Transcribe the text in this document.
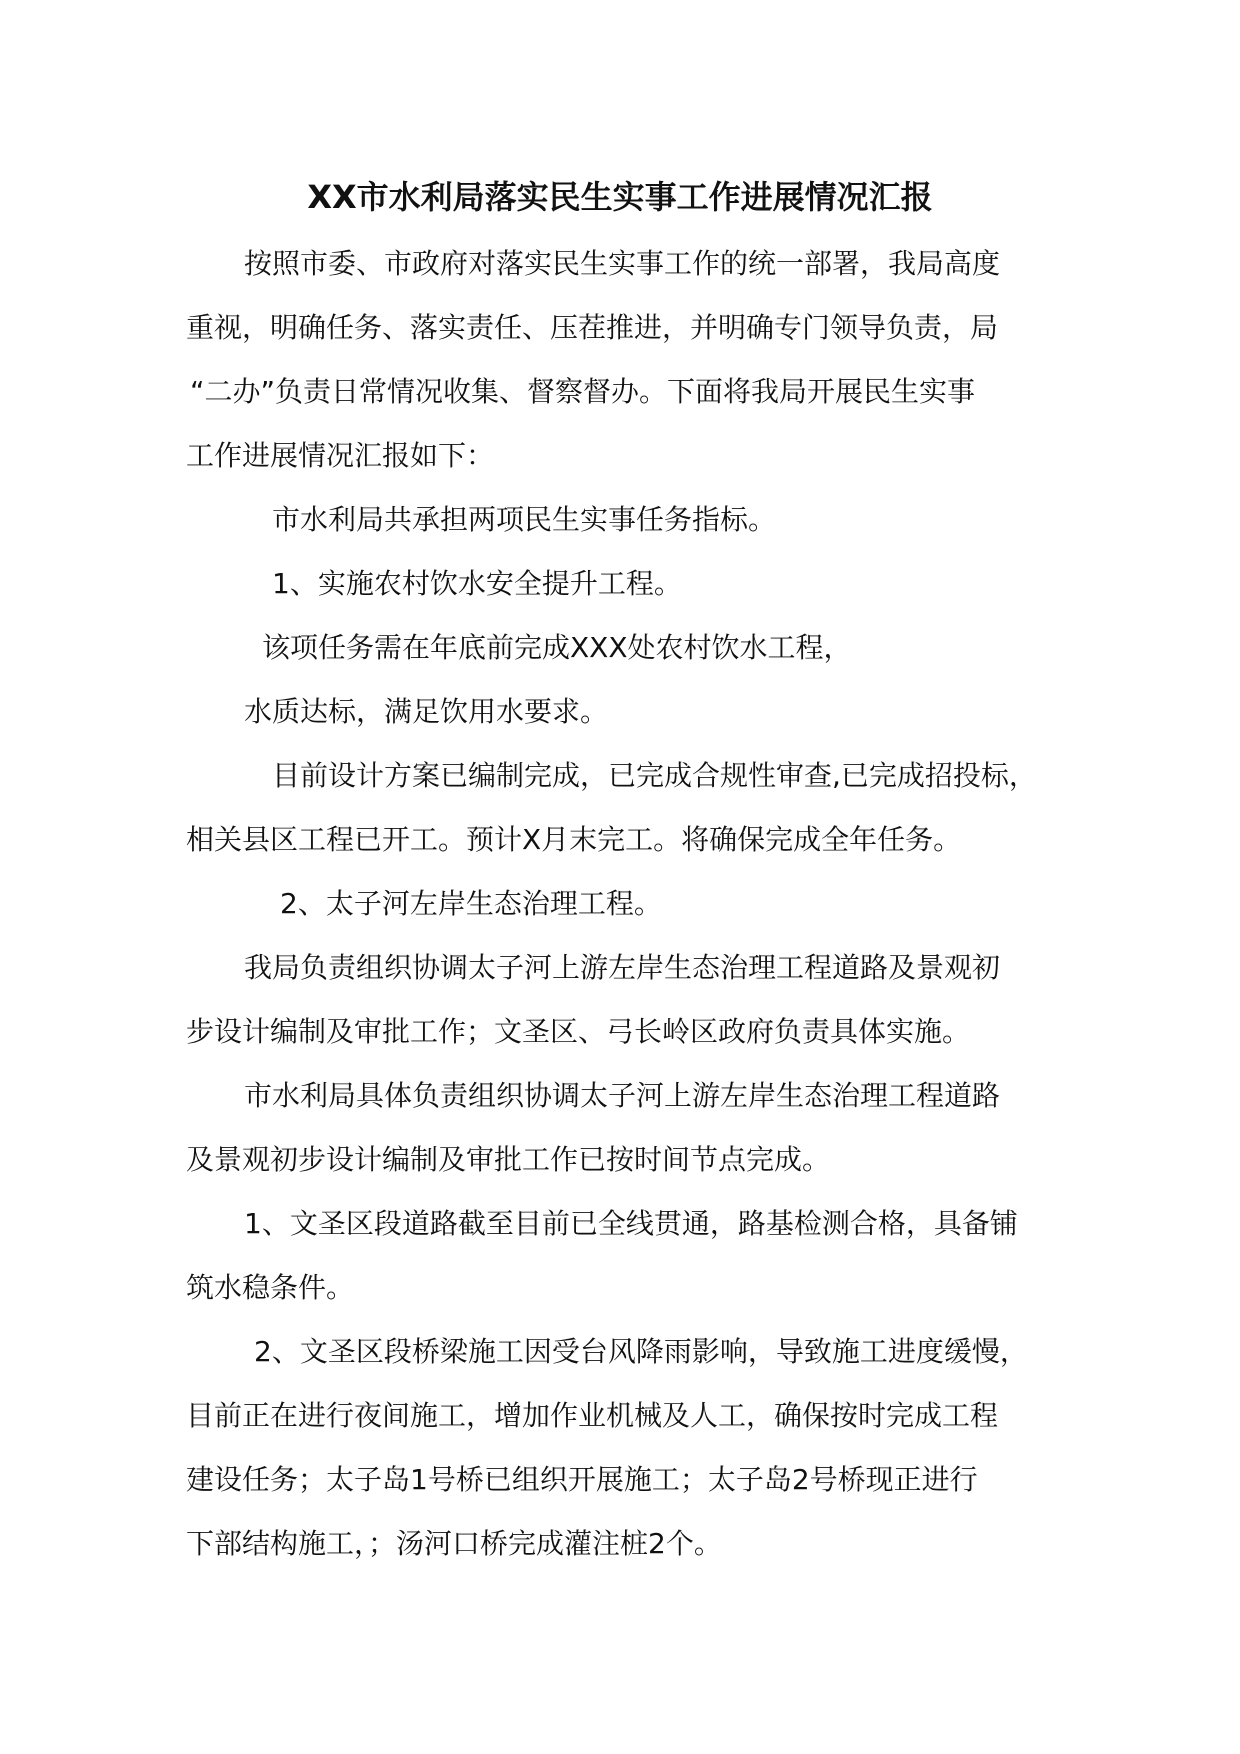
XX市水利局落实民生实事工作进展情况汇报
按照市委、市政府对落实民生实事工作的统一部署，我局高度
重视，明确任务、落实责任、压茬推进，并明确专门领导负责，局
“二办”负责日常情况收集、督察督办。下面将我局开展民生实事
工作进展情况汇报如下：
市水利局共承担两项民生实事任务指标。
1、实施农村饮水安全提升工程。
该项任务需在年底前完成XXX处农村饮水工程，
水质达标，满足饮用水要求。
目前设计方案已编制完成，已完成合规性审查,已完成招投标，
相关县区工程已开工。预计X月末完工。将确保完成全年任务。
2、太子河左岸生态治理工程。
我局负责组织协调太子河上游左岸生态治理工程道路及景观初
步设计编制及审批工作；文圣区、弓长岭区政府负责具体实施。
市水利局具体负责组织协调太子河上游左岸生态治理工程道路
及景观初步设计编制及审批工作已按时间节点完成。
1、文圣区段道路截至目前已全线贯通，路基检测合格，具备铺
筑水稳条件。
2、文圣区段桥梁施工因受台风降雨影响，导致施工进度缓慢，
目前正在进行夜间施工，增加作业机械及人工，确保按时完成工程
建设任务；太子岛1号桥已组织开展施工；太子岛2号桥现正进行
下部结构施工，；汤河口桥完成灌注桩2个。
